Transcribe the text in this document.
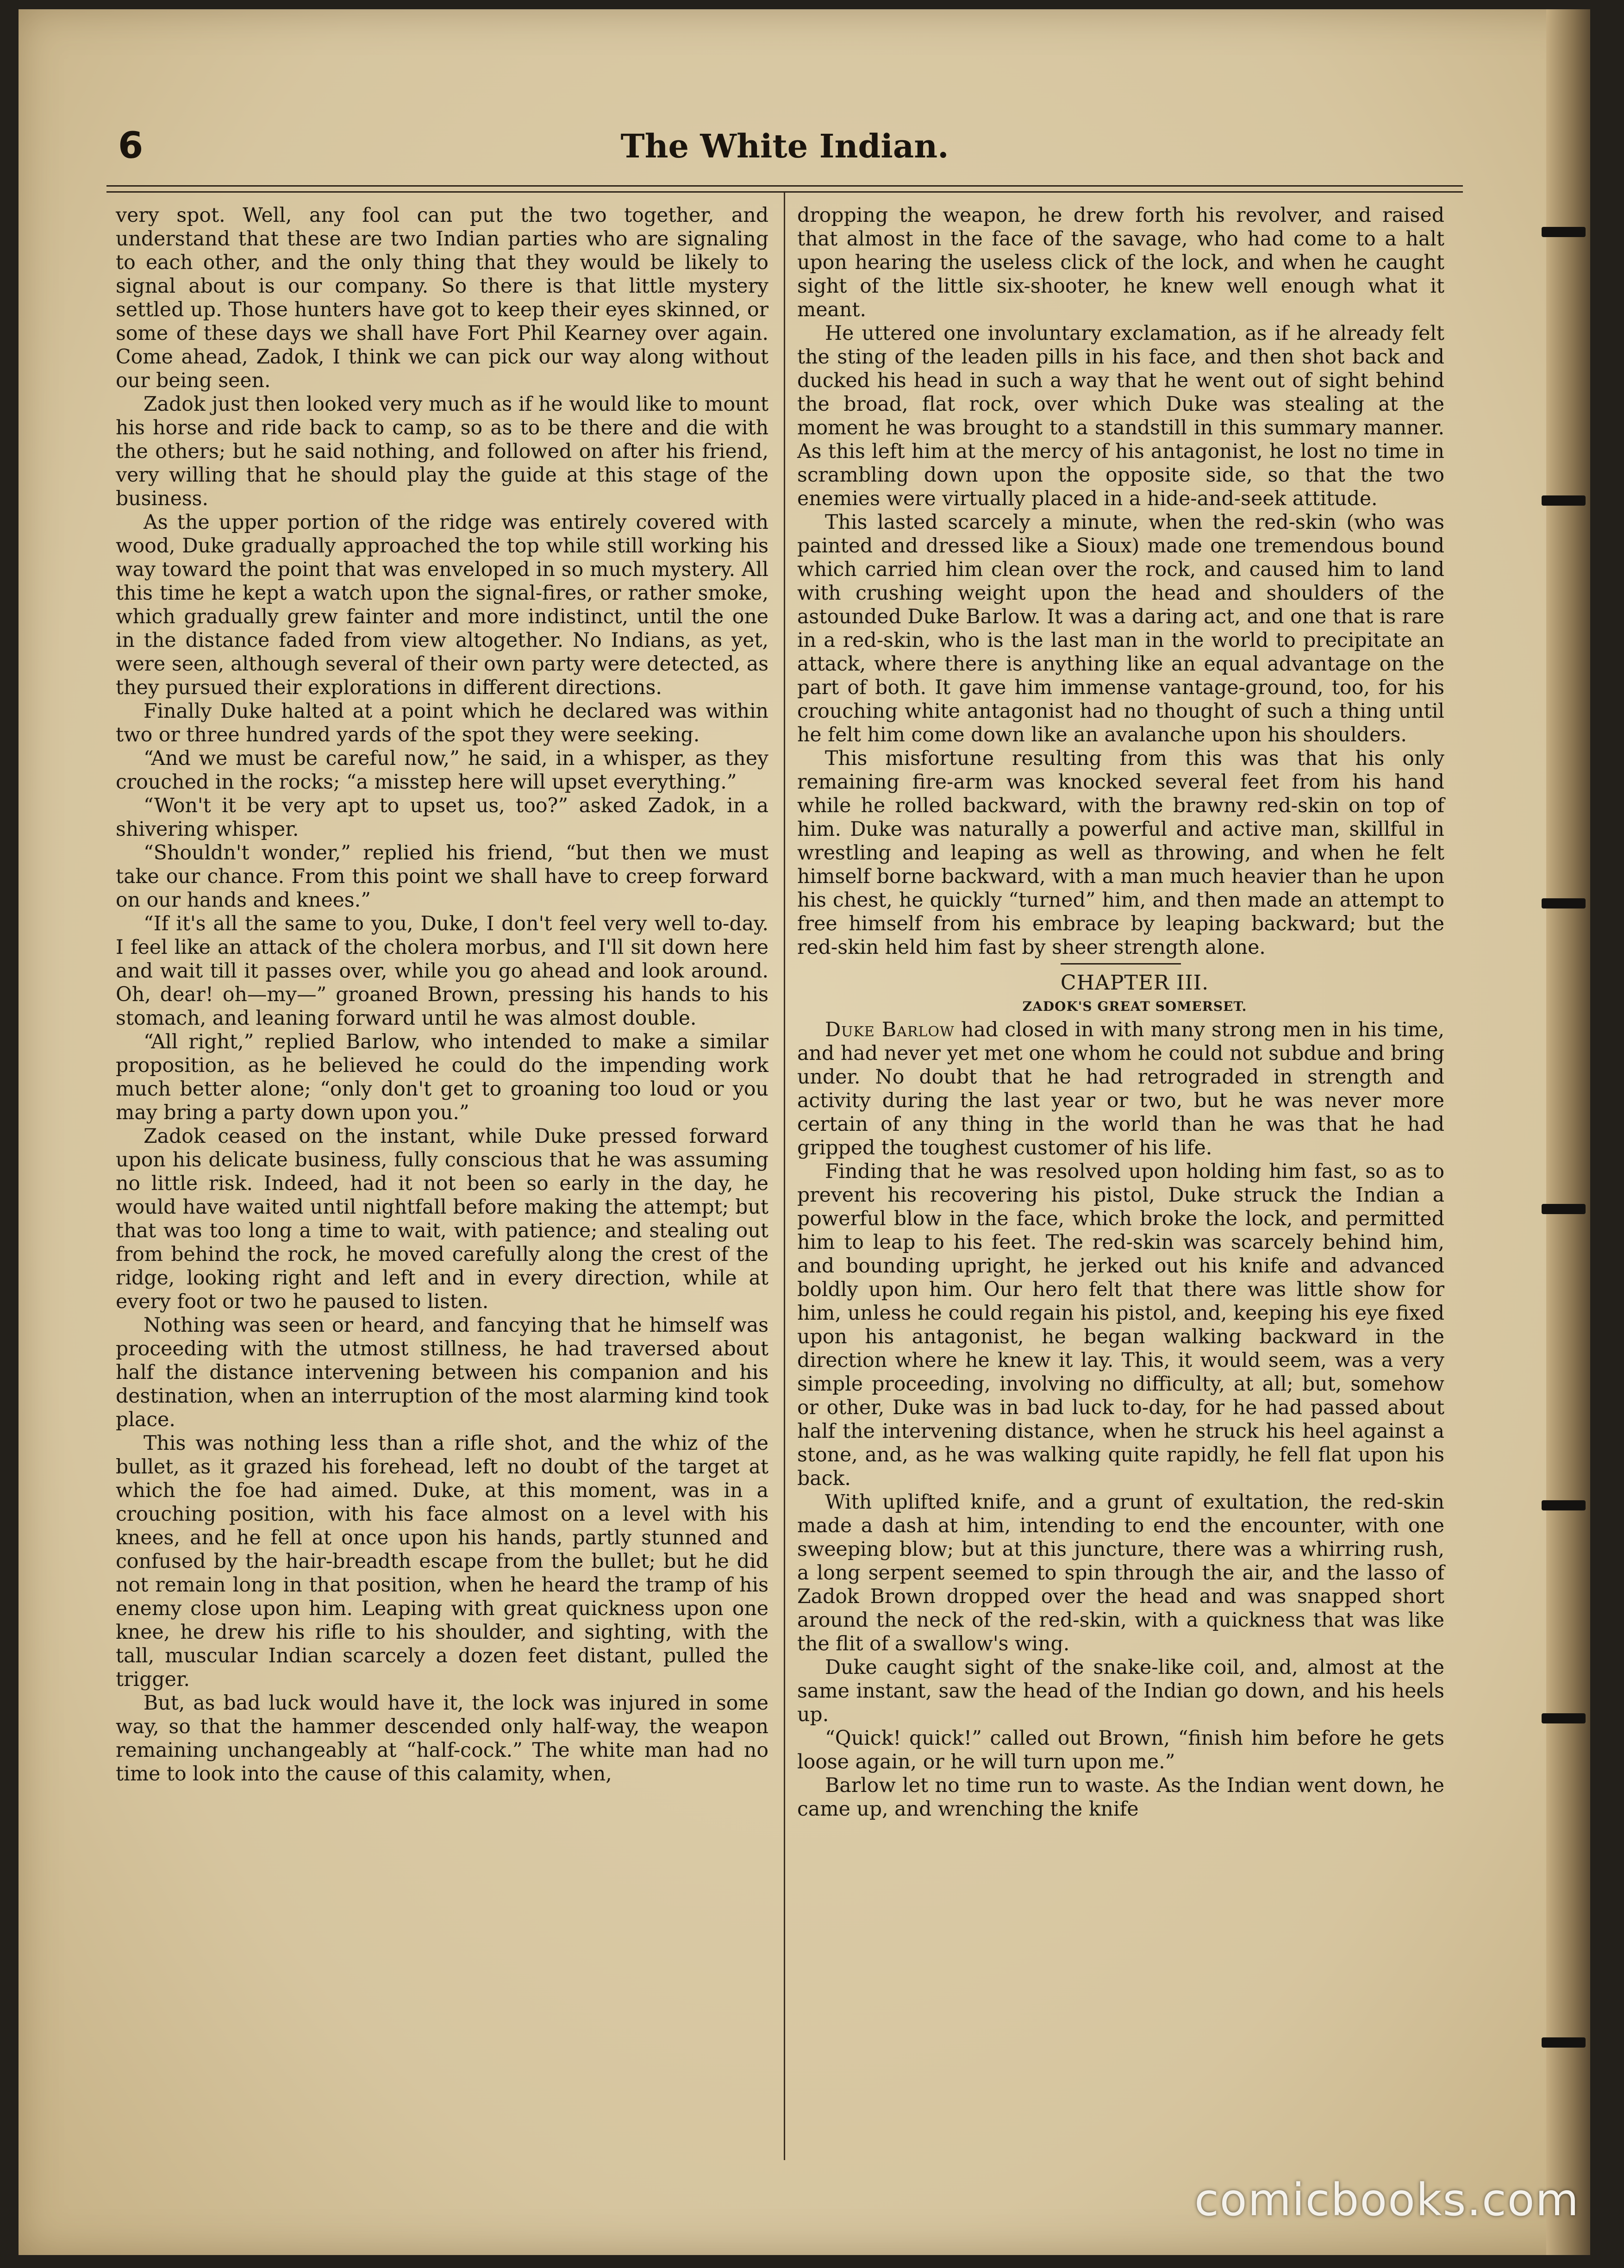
6	The White Indian.

very spot. Well, any fool can put the two together, and understand that these are two Indian parties who are signaling to each other, and the only thing that they would be likely to signal about is our company. So there is that little mystery settled up. Those hunters have got to keep their eyes skinned, or some of these days we shall have Fort Phil Kearney over again. Come ahead, Zadok, I think we can pick our way along without our being seen.

Zadok just then looked very much as if he would like to mount his horse and ride back to camp, so as to be there and die with the others; but he said nothing, and followed on after his friend, very willing that he should play the guide at this stage of the business.

As the upper portion of the ridge was entirely covered with wood, Duke gradually approached the top while still working his way toward the point that was enveloped in so much mystery. All this time he kept a watch upon the signal-fires, or rather smoke, which gradually grew fainter and more indistinct, until the one in the distance faded from view altogether. No Indians, as yet, were seen, although several of their own party were detected, as they pursued their explorations in different directions.

Finally Duke halted at a point which he declared was within two or three hundred yards of the spot they were seeking.

“And we must be careful now,” he said, in a whisper, as they crouched in the rocks; “a misstep here will upset everything.”

“Won't it be very apt to upset us, too?” asked Zadok, in a shivering whisper.

“Shouldn't wonder,” replied his friend, “but then we must take our chance. From this point we shall have to creep forward on our hands and knees.”

“If it's all the same to you, Duke, I don't feel very well to-day. I feel like an attack of the cholera morbus, and I'll sit down here and wait till it passes over, while you go ahead and look around. Oh, dear! oh—my—” groaned Brown, pressing his hands to his stomach, and leaning forward until he was almost double.

“All right,” replied Barlow, who intended to make a similar proposition, as he believed he could do the impending work much better alone; “only don't get to groaning too loud or you may bring a party down upon you.”

Zadok ceased on the instant, while Duke pressed forward upon his delicate business, fully conscious that he was assuming no little risk. Indeed, had it not been so early in the day, he would have waited until nightfall before making the attempt; but that was too long a time to wait, with patience; and stealing out from behind the rock, he moved carefully along the crest of the ridge, looking right and left and in every direction, while at every foot or two he paused to listen.

Nothing was seen or heard, and fancying that he himself was proceeding with the utmost stillness, he had traversed about half the distance intervening between his companion and his destination, when an interruption of the most alarming kind took place.

This was nothing less than a rifle shot, and the whiz of the bullet, as it grazed his forehead, left no doubt of the target at which the foe had aimed. Duke, at this moment, was in a crouching position, with his face almost on a level with his knees, and he fell at once upon his hands, partly stunned and confused by the hair-breadth escape from the bullet; but he did not remain long in that position, when he heard the tramp of his enemy close upon him. Leaping with great quickness upon one knee, he drew his rifle to his shoulder, and sighting, with the tall, muscular Indian scarcely a dozen feet distant, pulled the trigger.

But, as bad luck would have it, the lock was injured in some way, so that the hammer descended only half-way, the weapon remaining unchangeably at “half-cock.” The white man had no time to look into the cause of this calamity, when,

dropping the weapon, he drew forth his revolver, and raised that almost in the face of the savage, who had come to a halt upon hearing the useless click of the lock, and when he caught sight of the little six-shooter, he knew well enough what it meant.

He uttered one involuntary exclamation, as if he already felt the sting of the leaden pills in his face, and then shot back and ducked his head in such a way that he went out of sight behind the broad, flat rock, over which Duke was stealing at the moment he was brought to a standstill in this summary manner. As this left him at the mercy of his antagonist, he lost no time in scrambling down upon the opposite side, so that the two enemies were virtually placed in a hide-and-seek attitude.

This lasted scarcely a minute, when the red-skin (who was painted and dressed like a Sioux) made one tremendous bound which carried him clean over the rock, and caused him to land with crushing weight upon the head and shoulders of the astounded Duke Barlow. It was a daring act, and one that is rare in a red-skin, who is the last man in the world to precipitate an attack, where there is anything like an equal advantage on the part of both. It gave him immense vantage-ground, too, for his crouching white antagonist had no thought of such a thing until he felt him come down like an avalanche upon his shoulders.

This misfortune resulting from this was that his only remaining fire-arm was knocked several feet from his hand while he rolled backward, with the brawny red-skin on top of him. Duke was naturally a powerful and active man, skillful in wrestling and leaping as well as throwing, and when he felt himself borne backward, with a man much heavier than he upon his chest, he quickly “turned” him, and then made an attempt to free himself from his embrace by leaping backward; but the red-skin held him fast by sheer strength alone.

CHAPTER III.

ZADOK'S GREAT SOMERSET.

Duke Barlow had closed in with many strong men in his time, and had never yet met one whom he could not subdue and bring under. No doubt that he had retrograded in strength and activity during the last year or two, but he was never more certain of any thing in the world than he was that he had gripped the toughest customer of his life.

Finding that he was resolved upon holding him fast, so as to prevent his recovering his pistol, Duke struck the Indian a powerful blow in the face, which broke the lock, and permitted him to leap to his feet. The red-skin was scarcely behind him, and bounding upright, he jerked out his knife and advanced boldly upon him. Our hero felt that there was little show for him, unless he could regain his pistol, and, keeping his eye fixed upon his antagonist, he began walking backward in the direction where he knew it lay. This, it would seem, was a very simple proceeding, involving no difficulty, at all; but, somehow or other, Duke was in bad luck to-day, for he had passed about half the intervening distance, when he struck his heel against a stone, and, as he was walking quite rapidly, he fell flat upon his back.

With uplifted knife, and a grunt of exultation, the red-skin made a dash at him, intending to end the encounter, with one sweeping blow; but at this juncture, there was a whirring rush, a long serpent seemed to spin through the air, and the lasso of Zadok Brown dropped over the head and was snapped short around the neck of the red-skin, with a quickness that was like the flit of a swallow's wing.

Duke caught sight of the snake-like coil, and, almost at the same instant, saw the head of the Indian go down, and his heels up.

“Quick! quick!” called out Brown, “finish him before he gets loose again, or he will turn upon me.”

Barlow let no time run to waste. As the Indian went down, he came up, and wrenching the knife

comicbooks.com
